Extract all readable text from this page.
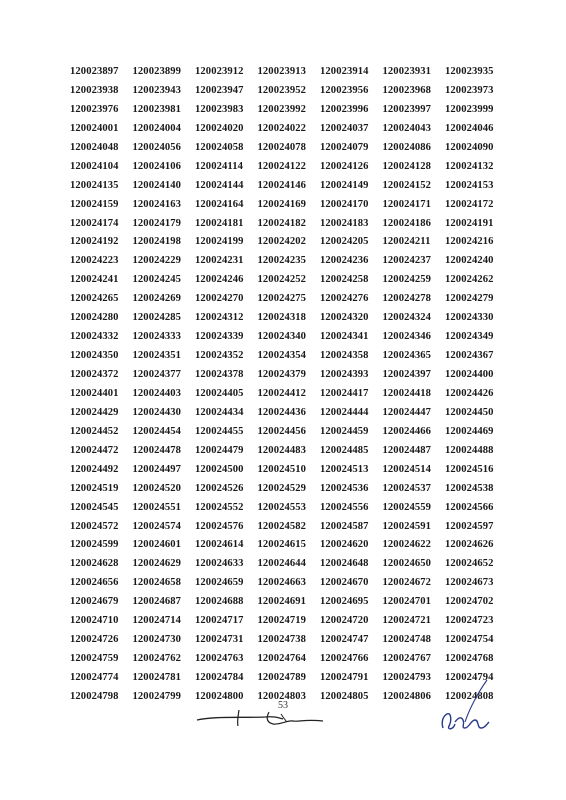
120023897	120023899	120023912	120023913	120023914	120023931	120023935
120023938	120023943	120023947	120023952	120023956	120023968	120023973
120023976	120023981	120023983	120023992	120023996	120023997	120023999
120024001	120024004	120024020	120024022	120024037	120024043	120024046
120024048	120024056	120024058	120024078	120024079	120024086	120024090
120024104	120024106	120024114	120024122	120024126	120024128	120024132
120024135	120024140	120024144	120024146	120024149	120024152	120024153
120024159	120024163	120024164	120024169	120024170	120024171	120024172
120024174	120024179	120024181	120024182	120024183	120024186	120024191
120024192	120024198	120024199	120024202	120024205	120024211	120024216
120024223	120024229	120024231	120024235	120024236	120024237	120024240
120024241	120024245	120024246	120024252	120024258	120024259	120024262
120024265	120024269	120024270	120024275	120024276	120024278	120024279
120024280	120024285	120024312	120024318	120024320	120024324	120024330
120024332	120024333	120024339	120024340	120024341	120024346	120024349
120024350	120024351	120024352	120024354	120024358	120024365	120024367
120024372	120024377	120024378	120024379	120024393	120024397	120024400
120024401	120024403	120024405	120024412	120024417	120024418	120024426
120024429	120024430	120024434	120024436	120024444	120024447	120024450
120024452	120024454	120024455	120024456	120024459	120024466	120024469
120024472	120024478	120024479	120024483	120024485	120024487	120024488
120024492	120024497	120024500	120024510	120024513	120024514	120024516
120024519	120024520	120024526	120024529	120024536	120024537	120024538
120024545	120024551	120024552	120024553	120024556	120024559	120024566
120024572	120024574	120024576	120024582	120024587	120024591	120024597
120024599	120024601	120024614	120024615	120024620	120024622	120024626
120024628	120024629	120024633	120024644	120024648	120024650	120024652
120024656	120024658	120024659	120024663	120024670	120024672	120024673
120024679	120024687	120024688	120024691	120024695	120024701	120024702
120024710	120024714	120024717	120024719	120024720	120024721	120024723
120024726	120024730	120024731	120024738	120024747	120024748	120024754
120024759	120024762	120024763	120024764	120024766	120024767	120024768
120024774	120024781	120024784	120024789	120024791	120024793	120024794
120024798	120024799	120024800	120024803	120024805	120024806	120024808
53
